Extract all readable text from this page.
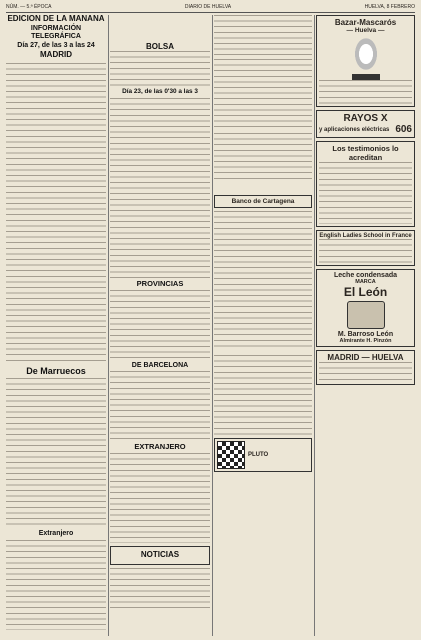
NÚM. — 5.ª ÉPOCA	DIARIO DE HUELVA	HUELVA, 8 FEBRERO
EDICIÓN DE LA MAÑANA
INFORMACIÓN TELEGRÁFICA
Día 27, de las 3 a las 24
MADRID
De Marruecos
Extranjero
BOLSA
Día 23, de las 0'30 a las 3
PROVINCIAS
DE BARCELONA
EXTRANJERO
NOTICIAS
Banco de Cartagena
PLUTO
Bazar-Mascarós
— Huelva —
RAYOS X
y aplicaciones eléctricas 606
Los testimonios lo acreditan
English Ladies School in France
Leche condensada
MARCA
El León
M. Barroso León
Almirante H. Pinzón
MADRID — HUELVA
